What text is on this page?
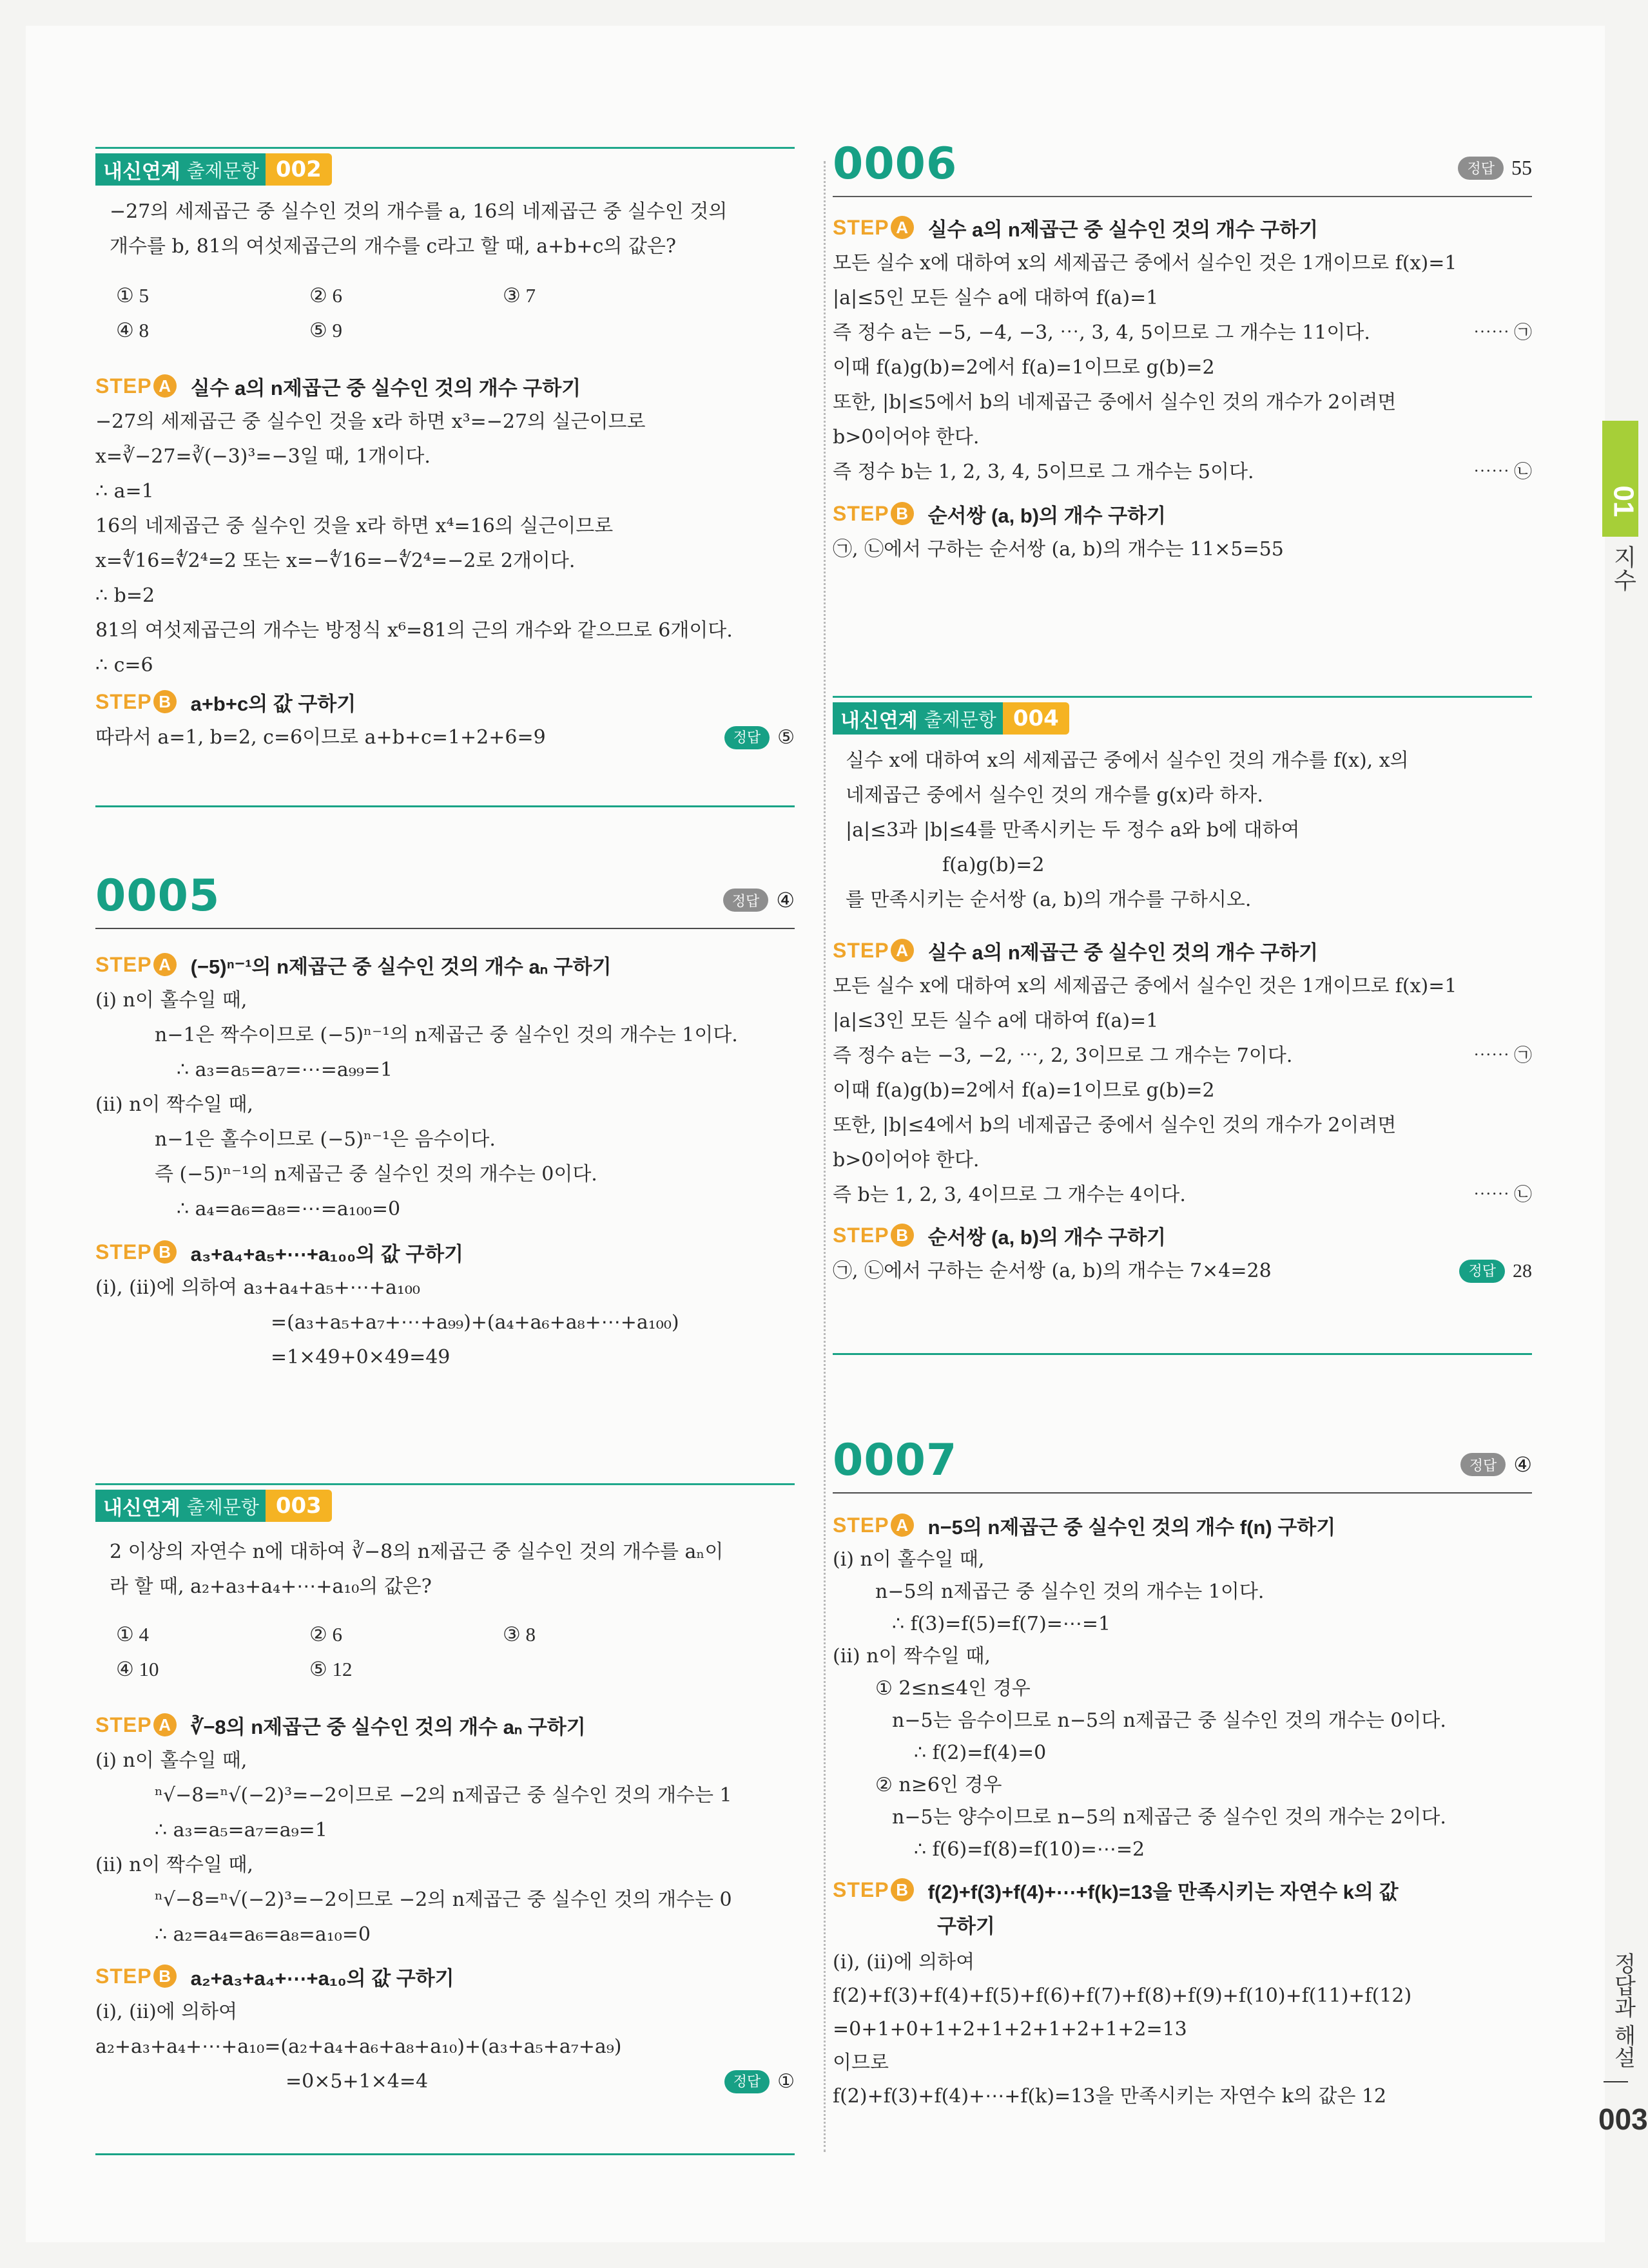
내신연계 출제문항 002
−27의 세제곱근 중 실수인 것의 개수를 a, 16의 네제곱근 중 실수인 것의
개수를 b, 81의 여섯제곱근의 개수를 c라고 할 때, a+b+c의 값은?
① 5	② 6	③ 7
④ 8	⑤ 9
STEP A 실수 a의 n제곱근 중 실수인 것의 개수 구하기
−27의 세제곱근 중 실수인 것을 x라 하면 x³=−27의 실근이므로
x=∛−27=∛(−3)³=−3일 때, 1개이다.
∴ a=1
16의 네제곱근 중 실수인 것을 x라 하면 x⁴=16의 실근이므로
x=∜16=∜2⁴=2 또는 x=−∜16=−∜2⁴=−2로 2개이다.
∴ b=2
81의 여섯제곱근의 개수는 방정식 x⁶=81의 근의 개수와 같으므로 6개이다.
∴ c=6
STEP B a+b+c의 값 구하기
따라서 a=1, b=2, c=6이므로 a+b+c=1+2+6=9	정답 ⑤
0005	정답 ④
STEP A (−5)ⁿ⁻¹의 n제곱근 중 실수인 것의 개수 aₙ 구하기
(ⅰ) n이 홀수일 때,
n−1은 짝수이므로 (−5)ⁿ⁻¹의 n제곱근 중 실수인 것의 개수는 1이다.
∴ a₃=a₅=a₇=⋯=a₉₉=1
(ⅱ) n이 짝수일 때,
n−1은 홀수이므로 (−5)ⁿ⁻¹은 음수이다.
즉 (−5)ⁿ⁻¹의 n제곱근 중 실수인 것의 개수는 0이다.
∴ a₄=a₆=a₈=⋯=a₁₀₀=0
STEP B a₃+a₄+a₅+⋯+a₁₀₀의 값 구하기
(ⅰ), (ⅱ)에 의하여 a₃+a₄+a₅+⋯+a₁₀₀
=(a₃+a₅+a₇+⋯+a₉₉)+(a₄+a₆+a₈+⋯+a₁₀₀)
=1×49+0×49=49
내신연계 출제문항 003
2 이상의 자연수 n에 대하여 ∛−8의 n제곱근 중 실수인 것의 개수를 aₙ이
라 할 때, a₂+a₃+a₄+⋯+a₁₀의 값은?
① 4	② 6	③ 8
④ 10	⑤ 12
STEP A ∛−8의 n제곱근 중 실수인 것의 개수 aₙ 구하기
(ⅰ) n이 홀수일 때,
ⁿ√−8=ⁿ√(−2)³=−2이므로 −2의 n제곱근 중 실수인 것의 개수는 1
∴ a₃=a₅=a₇=a₉=1
(ⅱ) n이 짝수일 때,
ⁿ√−8=ⁿ√(−2)³=−2이므로 −2의 n제곱근 중 실수인 것의 개수는 0
∴ a₂=a₄=a₆=a₈=a₁₀=0
STEP B a₂+a₃+a₄+⋯+a₁₀의 값 구하기
(ⅰ), (ⅱ)에 의하여
a₂+a₃+a₄+⋯+a₁₀=(a₂+a₄+a₆+a₈+a₁₀)+(a₃+a₅+a₇+a₉)
=0×5+1×4=4	정답 ①
0006	정답 55
STEP A 실수 a의 n제곱근 중 실수인 것의 개수 구하기
모든 실수 x에 대하여 x의 세제곱근 중에서 실수인 것은 1개이므로 f(x)=1
|a|≤5인 모든 실수 a에 대하여 f(a)=1
즉 정수 a는 −5, −4, −3, ⋯, 3, 4, 5이므로 그 개수는 11이다.
이때 f(a)g(b)=2에서 f(a)=1이므로 g(b)=2
또한, |b|≤5에서 b의 네제곱근 중에서 실수인 것의 개수가 2이려면
b>0이어야 한다.
즉 정수 b는 1, 2, 3, 4, 5이므로 그 개수는 5이다.
⋯⋯ ㉠
⋯⋯ ㉡
STEP B 순서쌍 (a, b)의 개수 구하기
㉠, ㉡에서 구하는 순서쌍 (a, b)의 개수는 11×5=55
내신연계 출제문항 004
실수 x에 대하여 x의 세제곱근 중에서 실수인 것의 개수를 f(x), x의
네제곱근 중에서 실수인 것의 개수를 g(x)라 하자.
|a|≤3과 |b|≤4를 만족시키는 두 정수 a와 b에 대하여
f(a)g(b)=2
를 만족시키는 순서쌍 (a, b)의 개수를 구하시오.
STEP A 실수 a의 n제곱근 중 실수인 것의 개수 구하기
모든 실수 x에 대하여 x의 세제곱근 중에서 실수인 것은 1개이므로 f(x)=1
|a|≤3인 모든 실수 a에 대하여 f(a)=1
즉 정수 a는 −3, −2, ⋯, 2, 3이므로 그 개수는 7이다.
이때 f(a)g(b)=2에서 f(a)=1이므로 g(b)=2
또한, |b|≤4에서 b의 네제곱근 중에서 실수인 것의 개수가 2이려면
b>0이어야 한다.
즉 b는 1, 2, 3, 4이므로 그 개수는 4이다.
⋯⋯ ㉠
⋯⋯ ㉡
STEP B 순서쌍 (a, b)의 개수 구하기
㉠, ㉡에서 구하는 순서쌍 (a, b)의 개수는 7×4=28	정답 28
0007	정답 ④
STEP A n−5의 n제곱근 중 실수인 것의 개수 f(n) 구하기
(ⅰ) n이 홀수일 때,
n−5의 n제곱근 중 실수인 것의 개수는 1이다.
∴ f(3)=f(5)=f(7)=⋯=1
(ⅱ) n이 짝수일 때,
① 2≤n≤4인 경우
n−5는 음수이므로 n−5의 n제곱근 중 실수인 것의 개수는 0이다.
∴ f(2)=f(4)=0
② n≥6인 경우
n−5는 양수이므로 n−5의 n제곱근 중 실수인 것의 개수는 2이다.
∴ f(6)=f(8)=f(10)=⋯=2
STEP B f(2)+f(3)+f(4)+⋯+f(k)=13을 만족시키는 자연수 k의 값
구하기
(ⅰ), (ⅱ)에 의하여
f(2)+f(3)+f(4)+f(5)+f(6)+f(7)+f(8)+f(9)+f(10)+f(11)+f(12)
=0+1+0+1+2+1+2+1+2+1+2=13
이므로
f(2)+f(3)+f(4)+⋯+f(k)=13을 만족시키는 자연수 k의 값은 12
01
지수
정답과 해설
003
